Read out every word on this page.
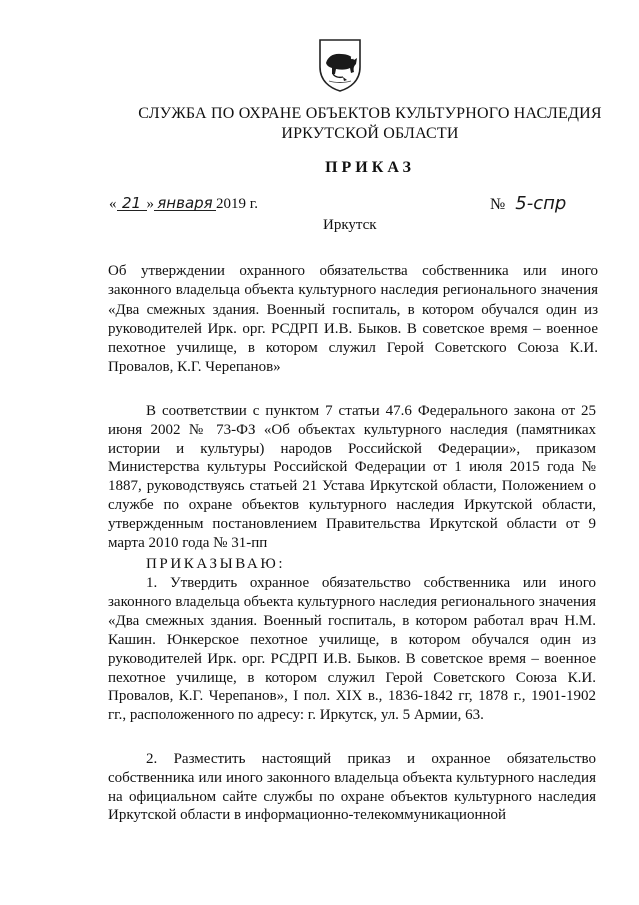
СЛУЖБА ПО ОХРАНЕ ОБЪЕКТОВ КУЛЬТУРНОГО НАСЛЕДИЯ
ИРКУТСКОЙ ОБЛАСТИ
ПРИКАЗ
« 21 » января 2019 г.	№ 5-спр
Иркутск
Об утверждении охранного обязательства собственника или иного законного владельца объекта культурного наследия регионального значения «Два смежных здания. Военный госпиталь, в котором обучался один из руководителей Ирк. орг. РСДРП И.В. Быков. В советское время – военное пехотное училище, в котором служил Герой Советского Союза К.И. Провалов, К.Г. Черепанов»
В соответствии с пунктом 7 статьи 47.6 Федерального закона от 25 июня 2002 № 73-ФЗ «Об объектах культурного наследия (памятниках истории и культуры) народов Российской Федерации», приказом Министерства культуры Российской Федерации от 1 июля 2015 года № 1887, руководствуясь статьей 21 Устава Иркутской области, Положением о службе по охране объектов культурного наследия Иркутской области, утвержденным постановлением Правительства Иркутской области от 9 марта 2010 года № 31-пп
ПРИКАЗЫВАЮ:
1. Утвердить охранное обязательство собственника или иного законного владельца объекта культурного наследия регионального значения «Два смежных здания. Военный госпиталь, в котором работал врач Н.М. Кашин. Юнкерское пехотное училище, в котором обучался один из руководителей Ирк. орг. РСДРП И.В. Быков. В советское время – военное пехотное училище, в котором служил Герой Советского Союза К.И. Провалов, К.Г. Черепанов», I пол. XIX в., 1836-1842 гг, 1878 г., 1901-1902 гг., расположенного по адресу: г. Иркутск, ул. 5 Армии, 63.
2. Разместить настоящий приказ и охранное обязательство собственника или иного законного владельца объекта культурного наследия на официальном сайте службы по охране объектов культурного наследия Иркутской области в информационно-телекоммуникационной
